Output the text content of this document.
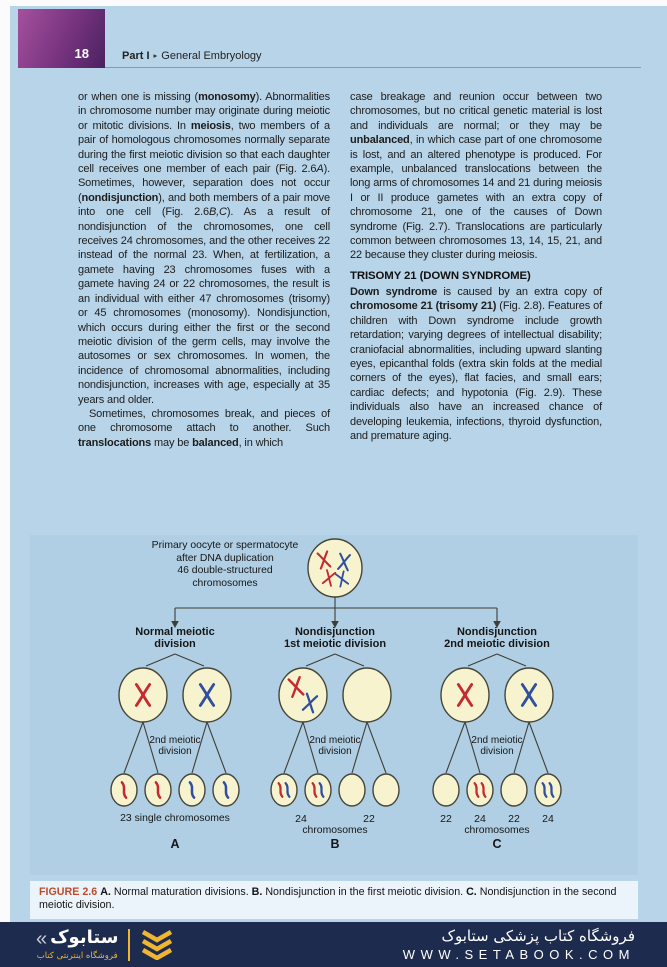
18	Part I ▸ General Embryology

or when one is missing (monosomy). Abnormalities in chromosome number may originate during meiotic or mitotic divisions. In meiosis, two members of a pair of homologous chromosomes normally separate during the first meiotic division so that each daughter cell receives one member of each pair (Fig. 2.6A). Sometimes, however, separation does not occur (nondisjunction), and both members of a pair move into one cell (Fig. 2.6B,C). As a result of nondisjunction of the chromosomes, one cell receives 24 chromosomes, and the other receives 22 instead of the normal 23. When, at fertilization, a gamete having 23 chromosomes fuses with a gamete having 24 or 22 chromosomes, the result is an individual with either 47 chromosomes (trisomy) or 45 chromosomes (monosomy). Nondisjunction, which occurs during either the first or the second meiotic division of the germ cells, may involve the autosomes or sex chromosomes. In women, the incidence of chromosomal abnormalities, including nondisjunction, increases with age, especially at 35 years and older.

Sometimes, chromosomes break, and pieces of one chromosome attach to another. Such translocations may be balanced, in which

case breakage and reunion occur between two chromosomes, but no critical genetic material is lost and individuals are normal; or they may be unbalanced, in which case part of one chromosome is lost, and an altered phenotype is produced. For example, unbalanced translocations between the long arms of chromosomes 14 and 21 during meiosis I or II produce gametes with an extra copy of chromosome 21, one of the causes of Down syndrome (Fig. 2.7). Translocations are particularly common between chromosomes 13, 14, 15, 21, and 22 because they cluster during meiosis.

TRISOMY 21 (DOWN SYNDROME)

Down syndrome is caused by an extra copy of chromosome 21 (trisomy 21) (Fig. 2.8). Features of children with Down syndrome include growth retardation; varying degrees of intellectual disability; craniofacial abnormalities, including upward slanting eyes, epicanthal folds (extra skin folds at the medial corners of the eyes), flat facies, and small ears; cardiac defects; and hypotonia (Fig. 2.9). These individuals also have an increased chance of developing leukemia, infections, thyroid dysfunction, and premature aging.

Primary oocyte or spermatocyte
after DNA duplication
46 double-structured
chromosomes
Normal meiotic
division
Nondisjunction
1st meiotic division
Nondisjunction
2nd meiotic division
2nd meiotic
division
2nd meiotic
division
2nd meiotic
division
23 single chromosomes	24	22
chromosomes
22	24	22	24
chromosomes
A	B	C
FIGURE 2.6 A. Normal maturation divisions. B. Nondisjunction in the first meiotic division. C. Nondisjunction in the second meiotic division.
« ستابوک
فروشگاه اینترنتی کتاب
فروشگاه کتاب پزشکی ستابوک
WWW.SETABOOK.COM
